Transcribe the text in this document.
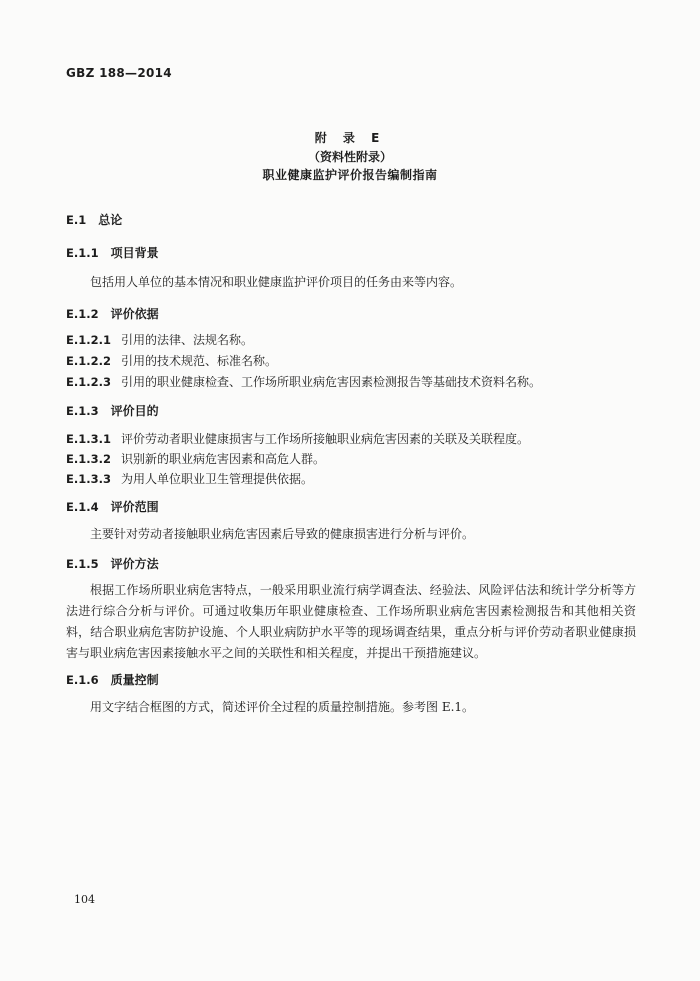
GBZ 188—2014
附 录 E
（资料性附录）
职业健康监护评价报告编制指南
E.1 总论
E.1.1 项目背景
包括用人单位的基本情况和职业健康监护评价项目的任务由来等内容。
E.1.2 评价依据
E.1.2.1 引用的法律、法规名称。
E.1.2.2 引用的技术规范、标准名称。
E.1.2.3 引用的职业健康检查、工作场所职业病危害因素检测报告等基础技术资料名称。
E.1.3 评价目的
E.1.3.1 评价劳动者职业健康损害与工作场所接触职业病危害因素的关联及关联程度。
E.1.3.2 识别新的职业病危害因素和高危人群。
E.1.3.3 为用人单位职业卫生管理提供依据。
E.1.4 评价范围
主要针对劳动者接触职业病危害因素后导致的健康损害进行分析与评价。
E.1.5 评价方法
根据工作场所职业病危害特点，一般采用职业流行病学调查法、经验法、风险评估法和统计学分析等方法进行综合分析与评价。可通过收集历年职业健康检查、工作场所职业病危害因素检测报告和其他相关资料，结合职业病危害防护设施、个人职业病防护水平等的现场调查结果，重点分析与评价劳动者职业健康损害与职业病危害因素接触水平之间的关联性和相关程度，并提出干预措施建议。
E.1.6 质量控制
用文字结合框图的方式，简述评价全过程的质量控制措施。参考图 E.1。
104
